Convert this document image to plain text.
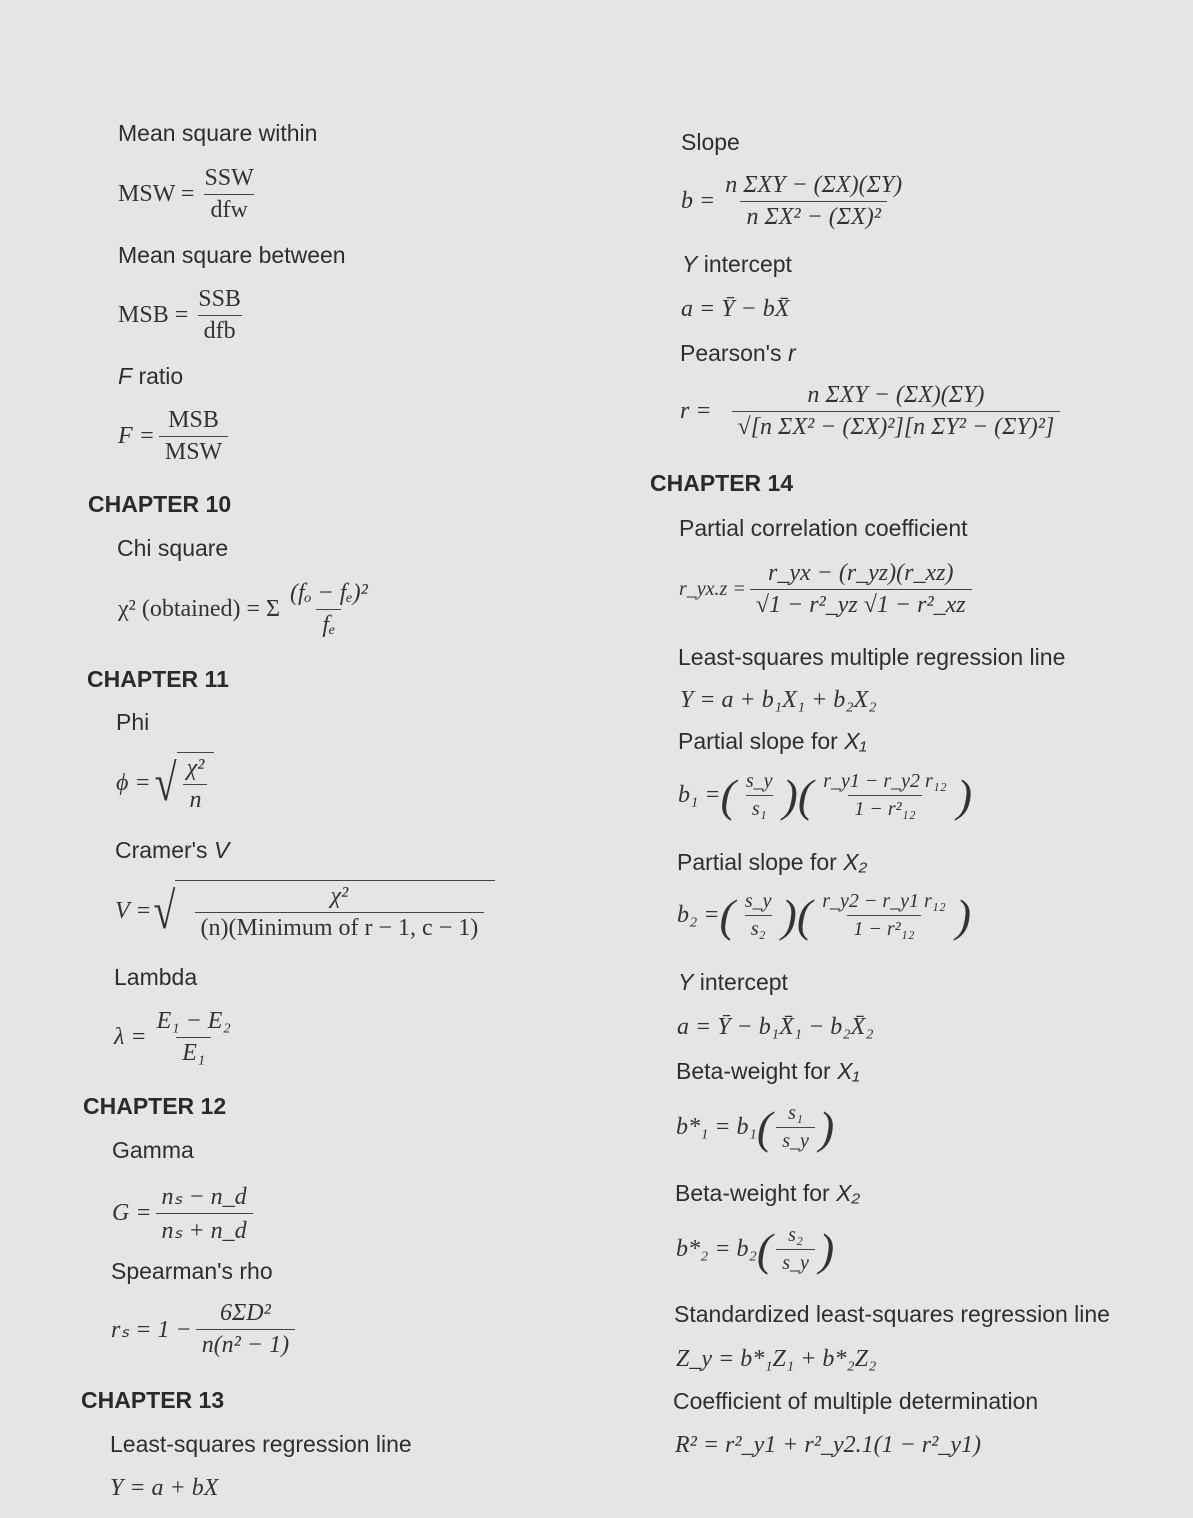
Mean square within
MSW = $\frac{\text{SSW}}{\text{dfw}}$
Mean square between
MSB = $\frac{\text{SSB}}{\text{dfb}}$
F ratio
$F = \frac{\text{MSB}}{\text{MSW}}$
CHAPTER 10
Chi square
χ² (obtained) = Σ $\frac{\text{(fₒ − fₑ)²}}{\text{fₑ}}$
CHAPTER 11
Phi
ϕ = √ $\frac{\text{χ²}}{n}$
Cramer's V
V = √ $\frac{\text{χ²}}{\text{(n)(Minimum of r − 1, c − 1)}}$
Lambda
$\lambda = \frac{\text{E₁ − E₂}}{\text{E₁}}$
CHAPTER 12
Gamma
$G = \frac{\text{nₛ − n\_d}}{\text{nₛ + n\_d}}$
Spearman's rho
$r_s = 1 - \frac{\text{6ΣD²}}{\text{n(n² − 1)}}$
CHAPTER 13
Least-squares regression line
Y = a + bX
Slope
$b = \frac{\text{n ΣXY − (ΣX)(ΣY)}}{\text{n ΣX² − (ΣX)²}}$
Y intercept
a = Ȳ − bX̄
Pearson's r
$r = \frac{\text{n ΣXY − (ΣX)(ΣY)}}{\text{√[n ΣX² − (ΣX)²][n ΣY² − (ΣY)²]}}$
CHAPTER 14
Partial correlation coefficient
r_yx.z = $\frac{r\_yx - (r\_yz)(r\_xz)}{\text{√1 − r²\_yz √1 − r²\_xz}}$
Least-squares multiple regression line
Y = a + b₁X₁ + b₂X₂
Partial slope for X₁
b₁ = ( $\frac{s\_y}{\text{s₁}}$ ) ( $\frac{\text{r\_y1 − r\_y2 r₁₂}}{\text{1 − r²₁₂}}$ )
Partial slope for X₂
b₂ = ( $\frac{s\_y}{\text{s₂}}$ ) ( $\frac{\text{r\_y2 − r\_y1 r₁₂}}{\text{1 − r²₁₂}}$ )
Y intercept
a = Ȳ − b₁X̄₁ − b₂X̄₂
Beta-weight for X₁
b*₁ = b₁ ( $\frac{\text{s₁}}{s\_y}$ )
Beta-weight for X₂
b*₂ = b₂ ( $\frac{\text{s₂}}{s\_y}$ )
Standardized least-squares regression line
Z_y = b*₁Z₁ + b*₂Z₂
Coefficient of multiple determination
R² = r²_y1 + r²_y2.1(1 − r²_y1)
